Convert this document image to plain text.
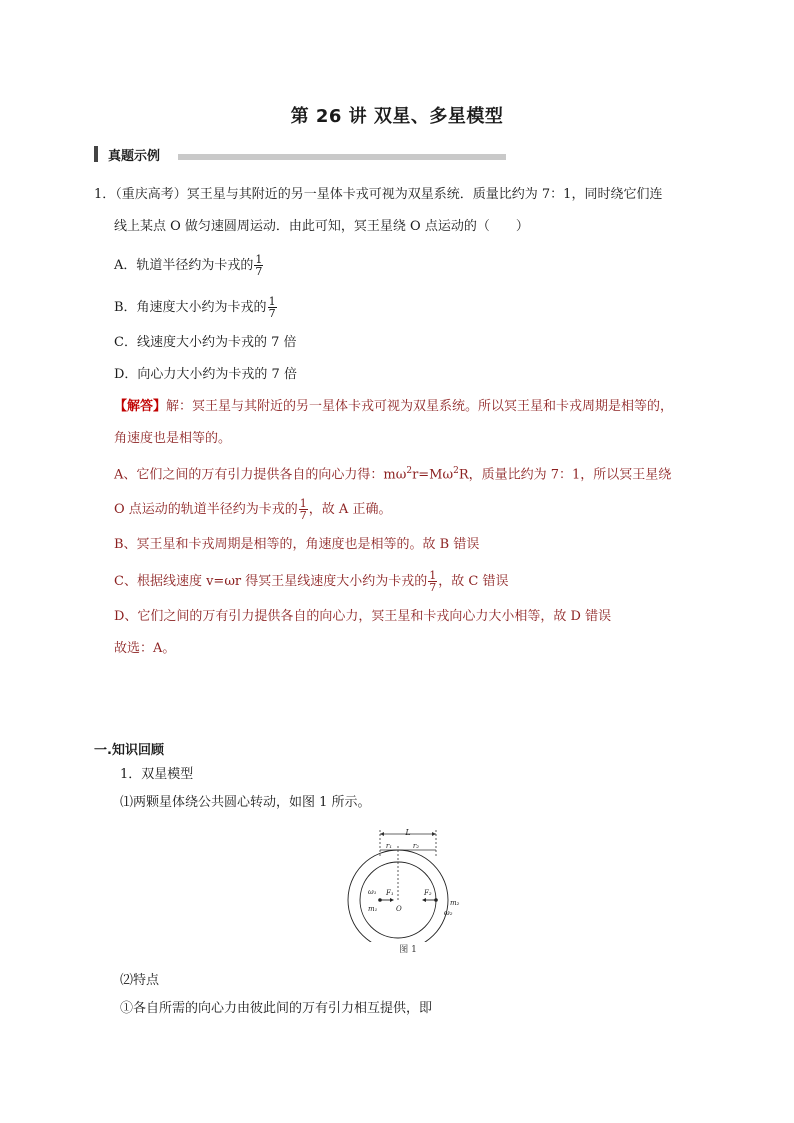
第 26 讲 双星、多星模型
真题示例
1．（重庆高考）冥王星与其附近的另一星体卡戎可视为双星系统．质量比约为 7：1，同时绕它们连
线上某点 O 做匀速圆周运动．由此可知，冥王星绕 O 点运动的（　　）
A．轨道半径约为卡戎的 $\frac{1}{7}$
B．角速度大小约为卡戎的 $\frac{1}{7}$
C．线速度大小约为卡戎的 7 倍
D．向心力大小约为卡戎的 7 倍
【解答】解：冥王星与其附近的另一星体卡戎可视为双星系统。所以冥王星和卡戎周期是相等的，
角速度也是相等的。
A、它们之间的万有引力提供各自的向心力得：$m\omega^2r=M\omega^2R$，质量比约为 7：1，所以冥王星绕
O 点运动的轨道半径约为卡戎的 $\frac{1}{7}$ ，故 A 正确。
B、冥王星和卡戎周期是相等的，角速度也是相等的。故 B 错误
C、根据线速度 v=ωr 得冥王星线速度大小约为卡戎的 $\frac{1}{7}$ ，故 C 错误
D、它们之间的万有引力提供各自的向心力，冥王星和卡戎向心力大小相等，故 D 错误
故选：A。
一.知识回顾
1．双星模型
⑴两颗星体绕公共圆心转动，如图 1 所示。
L
r₁	r₂
ω₁
m₁
F₁
O
F₂
m₂
ω₂
图 1
⑵特点
①各自所需的向心力由彼此间的万有引力相互提供，即
